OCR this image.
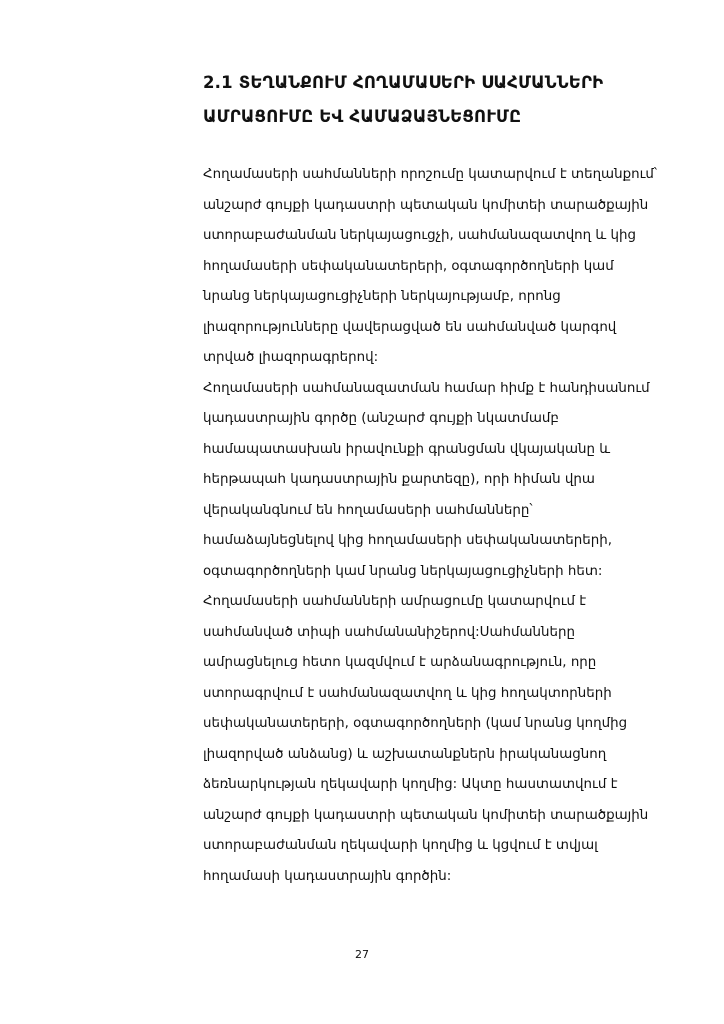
2.1 ՏԵՂԱՆՔՈՒՄ ՀՈՂԱՄԱՍԵՐԻ ՍԱՀՄԱՆՆԵՐԻ
ԱՄՐԱՑՈՒՄԸ ԵՎ ՀԱՄԱՁԱՅՆԵՑՈՒՄԸ
Հողամասերի սահմանների որոշումը կատարվում է տեղանքում՝
անշարժ գույքի կադաստրի պետական կոմիտեի տարածքային
ստորաբաժանման ներկայացուցչի, սահմանազատվող և կից
հողամասերի սեփականատերերի, օգտագործողների կամ
նրանց ներկայացուցիչների ներկայությամբ, որոնց
լիազորությունները վավերացված են սահմանված կարգով
տրված լիազորագրերով:
Հողամասերի սահմանազատման համար հիմք է հանդիսանում
կադաստրային գործը (անշարժ գույքի նկատմամբ
համապատասխան իրավունքի գրանցման վկայականը և
հերթապահ կադաստրային քարտեզը), որի հիման վրա
վերականգնում են հողամասերի սահմանները՝
համաձայնեցնելով կից հողամասերի սեփականատերերի,
օգտագործողների կամ նրանց ներկայացուցիչների հետ:
Հողամասերի սահմանների ամրացումը կատարվում է
սահմանված տիպի սահմանանիշերով:Սահմանները
ամրացնելուց հետո կազմվում է արձանագրություն, որը
ստորագրվում է սահմանազատվող և կից հողակտորների
սեփականատերերի, օգտագործողների (կամ նրանց կողմից
լիազորված անձանց) և աշխատանքներն իրականացնող
ձեռնարկության ղեկավարի կողմից: Ակտը հաստատվում է
անշարժ գույքի կադաստրի պետական կոմիտեի տարածքային
ստորաբաժանման ղեկավարի կողմից և կցվում է տվյալ
հողամասի կադաստրային գործին:
27
